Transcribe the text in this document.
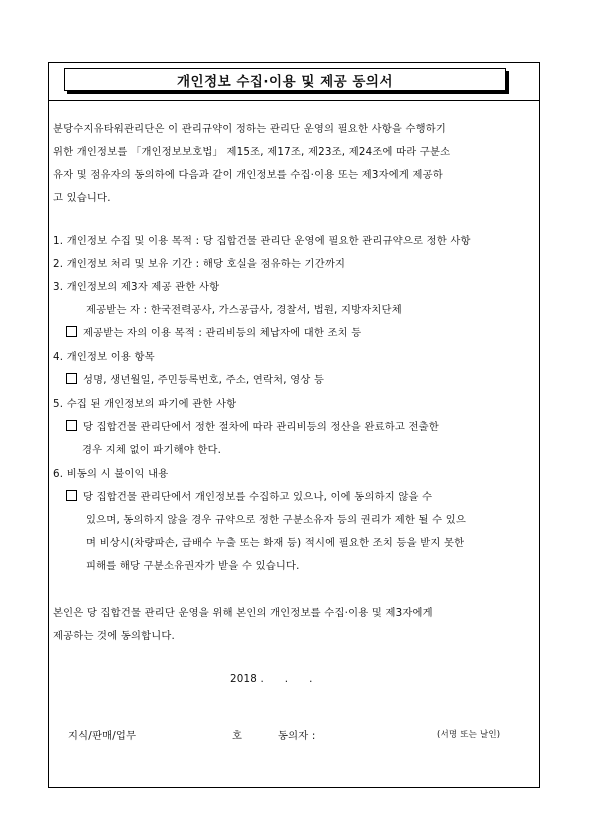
개인정보 수집·이용 및 제공 동의서
분당수지유타워관리단은 이 관리규약이 정하는 관리단 운영의 필요한 사항을 수행하기
위한 개인정보를 「개인정보보호법」 제15조, 제17조, 제23조, 제24조에 따라 구분소
유자 및 점유자의 동의하에 다음과 같이 개인정보를 수집·이용 또는 제3자에게 제공하
고 있습니다.
1. 개인정보 수집 및 이용 목적 : 당 집합건물 관리단 운영에 필요한 관리규약으로 정한 사항
2. 개인정보 처리 및 보유 기간 : 해당 호실을 점유하는 기간까지
3. 개인정보의 제3자 제공 관한 사항
제공받는 자 : 한국전력공사, 가스공급사, 경찰서, 법원, 지방자치단체
제공받는 자의 이용 목적 : 관리비등의 체납자에 대한 조치 등
4. 개인정보 이용 항목
성명, 생년월일, 주민등록번호, 주소, 연락처, 영상 등
5. 수집 된 개인정보의 파기에 관한 사항
당 집합건물 관리단에서 정한 절차에 따라 관리비등의 정산을 완료하고 전출한
경우 지체 없이 파기해야 한다.
6. 비동의 시 불이익 내용
당 집합건물 관리단에서 개인정보를 수집하고 있으나, 이에 동의하지 않을 수
있으며, 동의하지 않을 경우 규약으로 정한 구분소유자 등의 권리가 제한 될 수 있으
며 비상시(차량파손, 급배수 누출 또는 화재 등) 적시에 필요한 조치 등을 받지 못한
피해를 해당 구분소유권자가 받을 수 있습니다.
본인은 당 집합건물 관리단 운영을 위해 본인의 개인정보를 수집·이용 및 제3자에게
제공하는 것에 동의합니다.
2018 .      .      .
지식/판매/업무	호	동의자 :	(서명 또는 날인)
